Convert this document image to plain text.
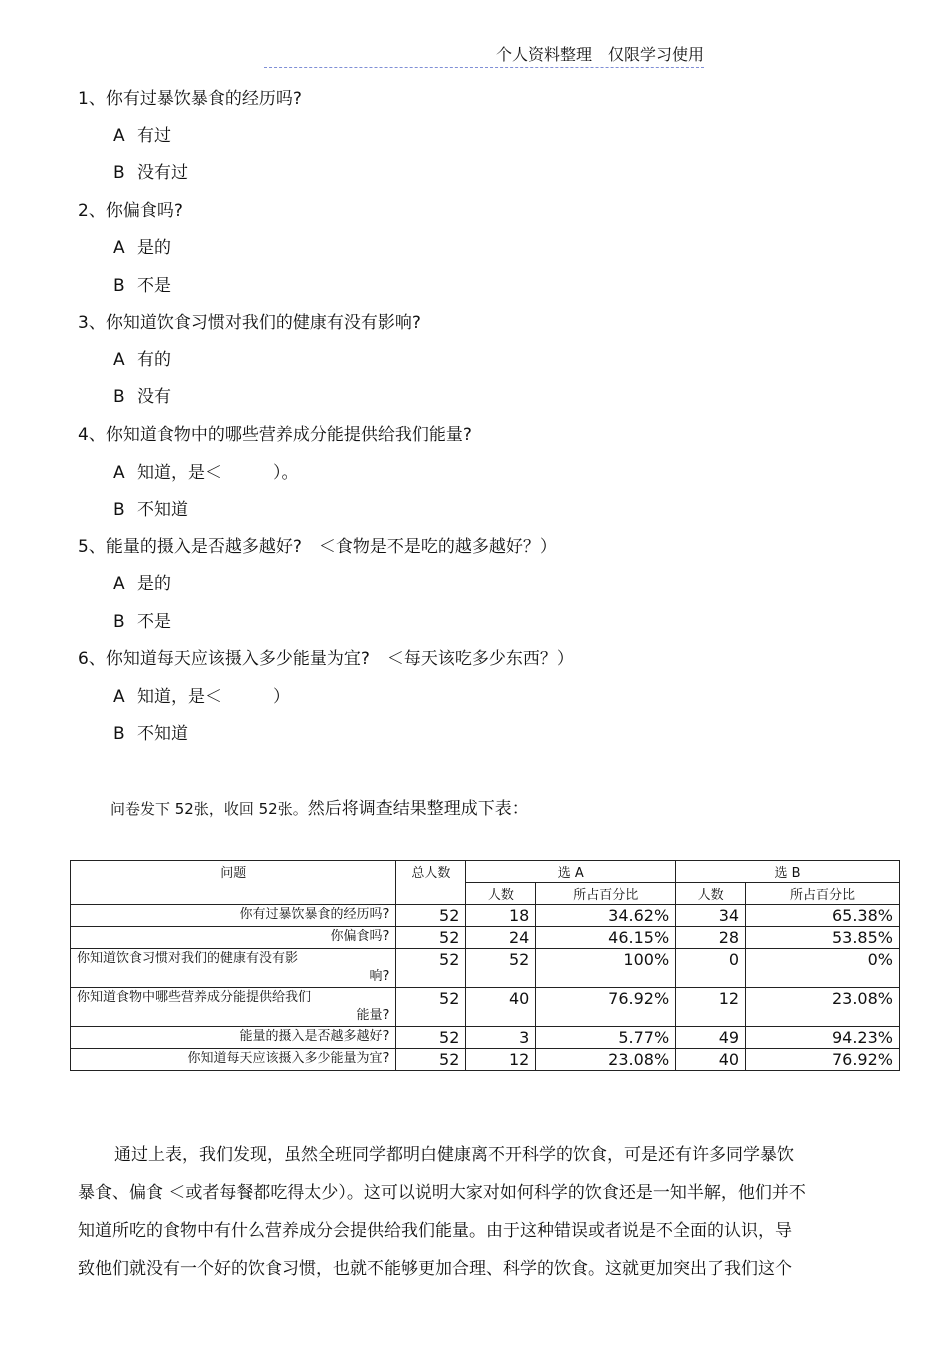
个人资料整理 仅限学习使用
1、你有过暴饮暴食的经历吗?
A 有过
B 没有过
2、你偏食吗?
A 是的
B 不是
3、你知道饮食习惯对我们的健康有没有影响?
A 有的
B 没有
4、你知道食物中的哪些营养成分能提供给我们能量?
A 知道，是＜　　　）。
B 不知道
5、能量的摄入是否越多越好?　＜食物是不是吃的越多越好？）
A 是的
B 不是
6、你知道每天应该摄入多少能量为宜?　＜每天该吃多少东西？）
A 知道，是＜　　　）
B 不知道
问卷发下 52张，收回 52张。然后将调查结果整理成下表：
问题	总人数	选 A		选 B	
		人数	所占百分比	人数	所占百分比

你有过暴饮暴食的经历吗?	52	18	34.62%	34	65.38%

你偏食吗?	52	24	46.15%	28	53.85%

你知道饮食习惯对我们的健康有没有影
响?	52	52	100%	0	0%

你知道食物中哪些营养成分能提供给我们
能量?	52	40	76.92%	12	23.08%

能量的摄入是否越多越好?	52	3	5.77%	49	94.23%

你知道每天应该摄入多少能量为宜?	52	12	23.08%	40	76.92%

通过上表，我们发现，虽然全班同学都明白健康离不开科学的饮食，可是还有许多同学暴饮

暴食、偏食 ＜或者每餐都吃得太少）。这可以说明大家对如何科学的饮食还是一知半解，他们并不

知道所吃的食物中有什么营养成分会提供给我们能量。由于这种错误或者说是不全面的认识，导

致他们就没有一个好的饮食习惯，也就不能够更加合理、科学的饮食。这就更加突出了我们这个
